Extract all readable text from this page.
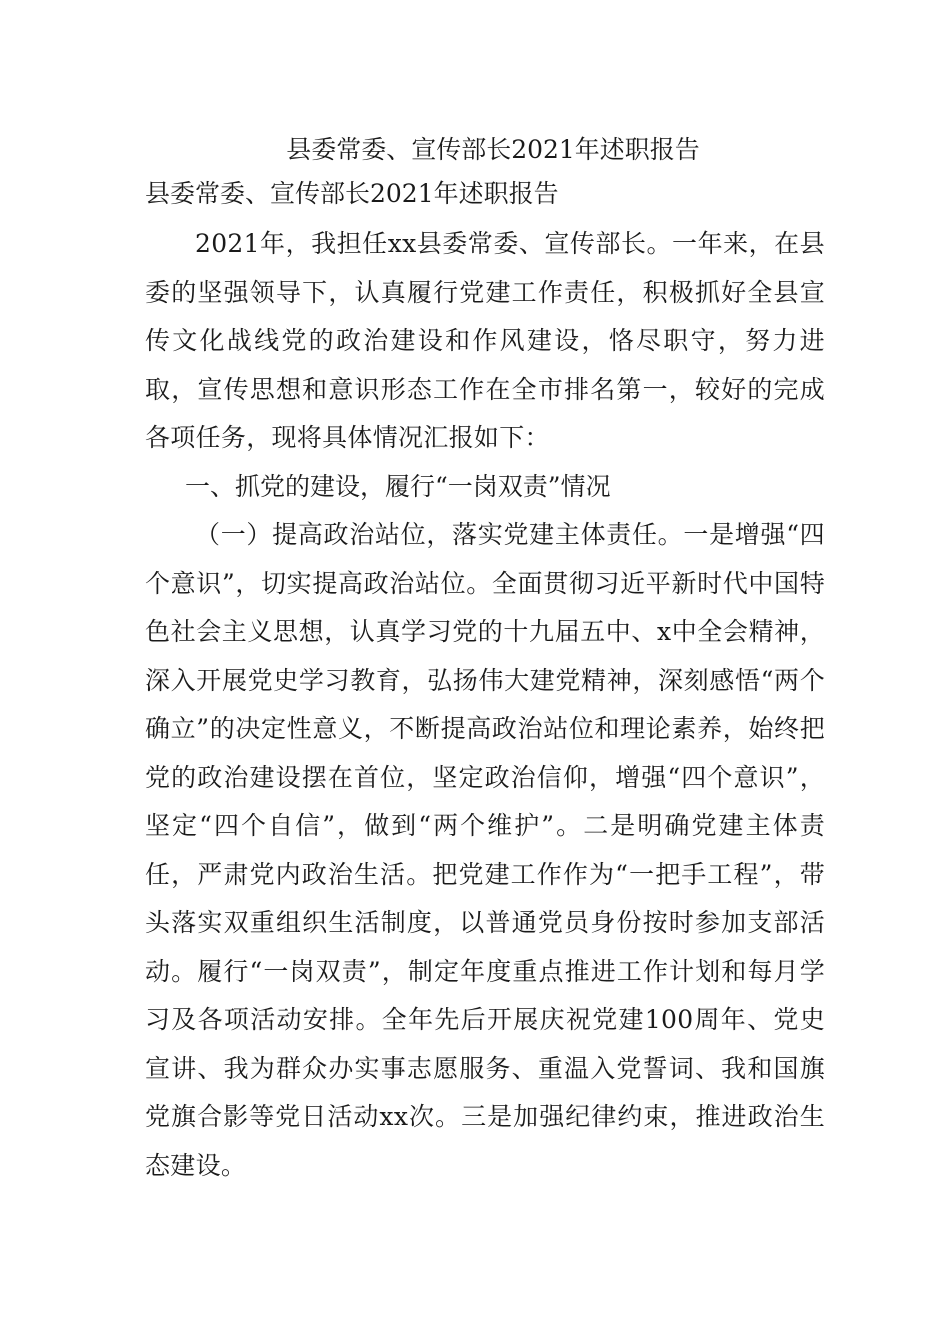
县委常委、宣传部长2021年述职报告
县委常委、宣传部长2021年述职报告

2021年，我担任xx县委常委、宣传部长。一年来，在县委的坚强领导下，认真履行党建工作责任，积极抓好全县宣传文化战线党的政治建设和作风建设，恪尽职守，努力进取，宣传思想和意识形态工作在全市排名第一，较好的完成各项任务，现将具体情况汇报如下：

一、抓党的建设，履行“一岗双责”情况

（一）提高政治站位，落实党建主体责任。一是增强“四个意识”，切实提高政治站位。全面贯彻习近平新时代中国特色社会主义思想，认真学习党的十九届五中、x中全会精神，深入开展党史学习教育，弘扬伟大建党精神，深刻感悟“两个确立”的决定性意义，不断提高政治站位和理论素养，始终把党的政治建设摆在首位，坚定政治信仰，增强“四个意识”，坚定“四个自信”，做到“两个维护”。二是明确党建主体责任，严肃党内政治生活。把党建工作作为“一把手工程”，带头落实双重组织生活制度，以普通党员身份按时参加支部活动。履行“一岗双责”，制定年度重点推进工作计划和每月学习及各项活动安排。全年先后开展庆祝党建100周年、党史宣讲、我为群众办实事志愿服务、重温入党誓词、我和国旗党旗合影等党日活动xx次。三是加强纪律约束，推进政治生态建设。
